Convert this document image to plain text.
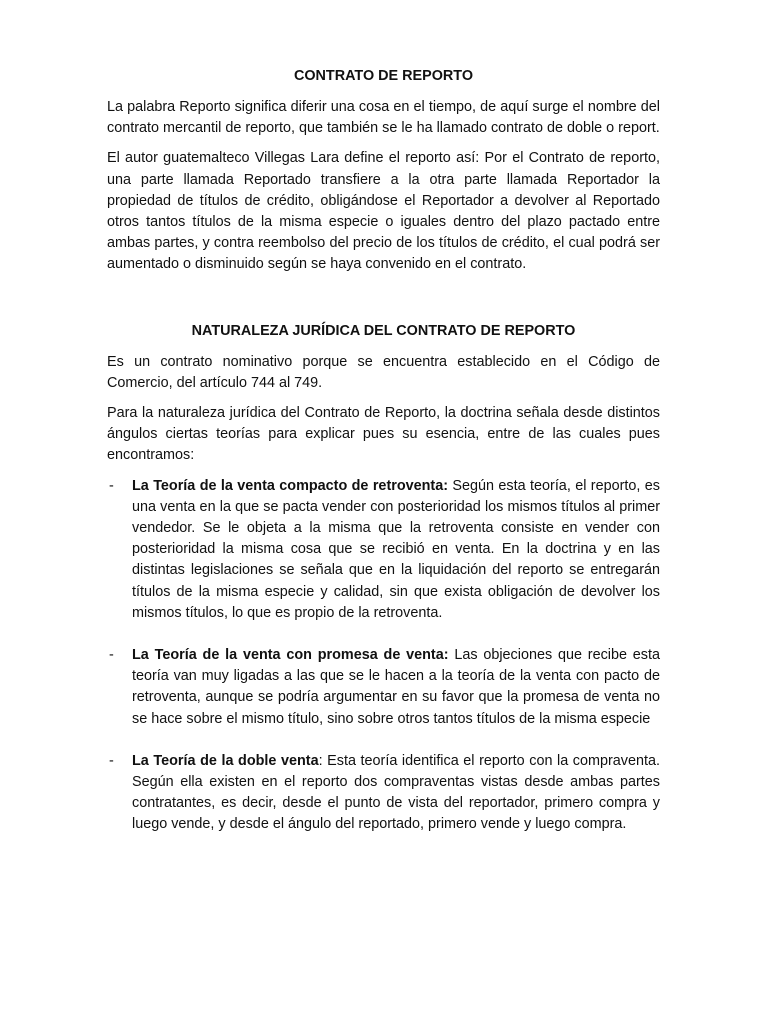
CONTRATO DE REPORTO

La palabra Reporto significa diferir una cosa en el tiempo, de aquí surge el nombre del contrato mercantil de reporto, que también se le ha llamado contrato de doble o report.

El autor guatemalteco Villegas Lara define el reporto así: Por el Contrato de reporto, una parte llamada Reportado transfiere a la otra parte llamada Reportador la propiedad de títulos de crédito, obligándose el Reportador a devolver al Reportado otros tantos títulos de la misma especie o iguales dentro del plazo pactado entre ambas partes, y contra reembolso del precio de los títulos de crédito, el cual podrá ser aumentado o disminuido según se haya convenido en el contrato.

NATURALEZA JURÍDICA DEL CONTRATO DE REPORTO

Es un contrato nominativo porque se encuentra establecido en el Código de Comercio, del artículo 744 al 749.

Para la naturaleza jurídica del Contrato de Reporto, la doctrina señala desde distintos ángulos ciertas teorías para explicar pues su esencia, entre de las cuales pues encontramos:

- La Teoría de la venta compacto de retroventa: Según esta teoría, el reporto, es una venta en la que se pacta vender con posterioridad los mismos títulos al primer vendedor. Se le objeta a la misma que la retroventa consiste en vender con posterioridad la misma cosa que se recibió en venta. En la doctrina y en las distintas legislaciones se señala que en la liquidación del reporto se entregarán títulos de la misma especie y calidad, sin que exista obligación de devolver los mismos títulos, lo que es propio de la retroventa.
- La Teoría de la venta con promesa de venta: Las objeciones que recibe esta teoría van muy ligadas a las que se le hacen a la teoría de la venta con pacto de retroventa, aunque se podría argumentar en su favor que la promesa de venta no se hace sobre el mismo título, sino sobre otros tantos títulos de la misma especie
- La Teoría de la doble venta: Esta teoría identifica el reporto con la compraventa. Según ella existen en el reporto dos compraventas vistas desde ambas partes contratantes, es decir, desde el punto de vista del reportador, primero compra y luego vende, y desde el ángulo del reportado, primero vende y luego compra.
